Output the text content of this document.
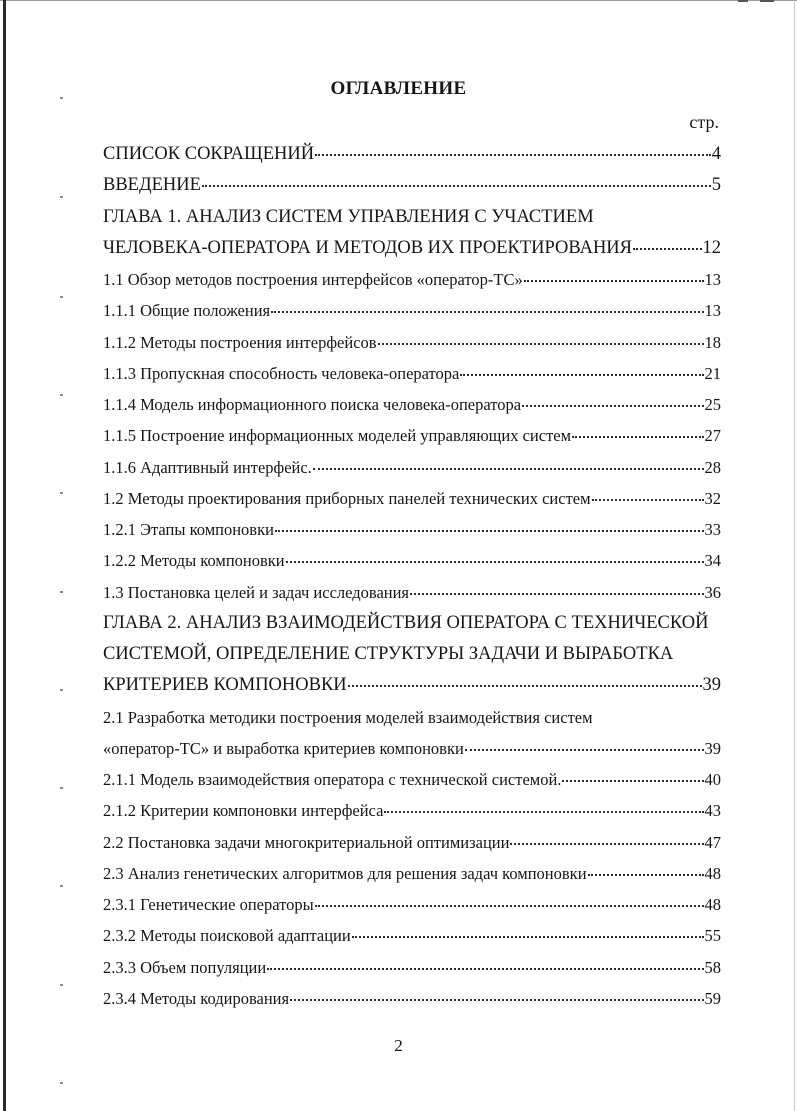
ОГЛАВЛЕНИЕ
стр.
СПИСОК СОКРАЩЕНИЙ	4
ВВЕДЕНИЕ	5
ГЛАВА 1. АНАЛИЗ СИСТЕМ УПРАВЛЕНИЯ С УЧАСТИЕМ
ЧЕЛОВЕКА-ОПЕРАТОРА И МЕТОДОВ ИХ ПРОЕКТИРОВАНИЯ	12
1.1 Обзор методов построения интерфейсов «оператор-ТС»	13
1.1.1 Общие положения	13
1.1.2 Методы построения интерфейсов	18
1.1.3 Пропускная способность человека-оператора	21
1.1.4 Модель информационного поиска человека-оператора	25
1.1.5 Построение информационных моделей управляющих систем	27
1.1.6 Адаптивный интерфейс.	28
1.2 Методы проектирования приборных панелей технических систем	32
1.2.1 Этапы компоновки	33
1.2.2 Методы компоновки	34
1.3 Постановка целей и задач исследования	36
ГЛАВА 2. АНАЛИЗ ВЗАИМОДЕЙСТВИЯ ОПЕРАТОРА С ТЕХНИЧЕСКОЙ
СИСТЕМОЙ, ОПРЕДЕЛЕНИЕ СТРУКТУРЫ ЗАДАЧИ И ВЫРАБОТКА
КРИТЕРИЕВ КОМПОНОВКИ	39
2.1 Разработка методики построения моделей взаимодействия систем
«оператор-ТС» и выработка критериев компоновки	39
2.1.1 Модель взаимодействия оператора с технической системой.	40
2.1.2 Критерии компоновки интерфейса	43
2.2 Постановка задачи многокритериальной оптимизации	47
2.3 Анализ генетических алгоритмов для решения задач компоновки	48
2.3.1 Генетические операторы	48
2.3.2 Методы поисковой адаптации	55
2.3.3 Объем популяции	58
2.3.4 Методы кодирования	59
2
